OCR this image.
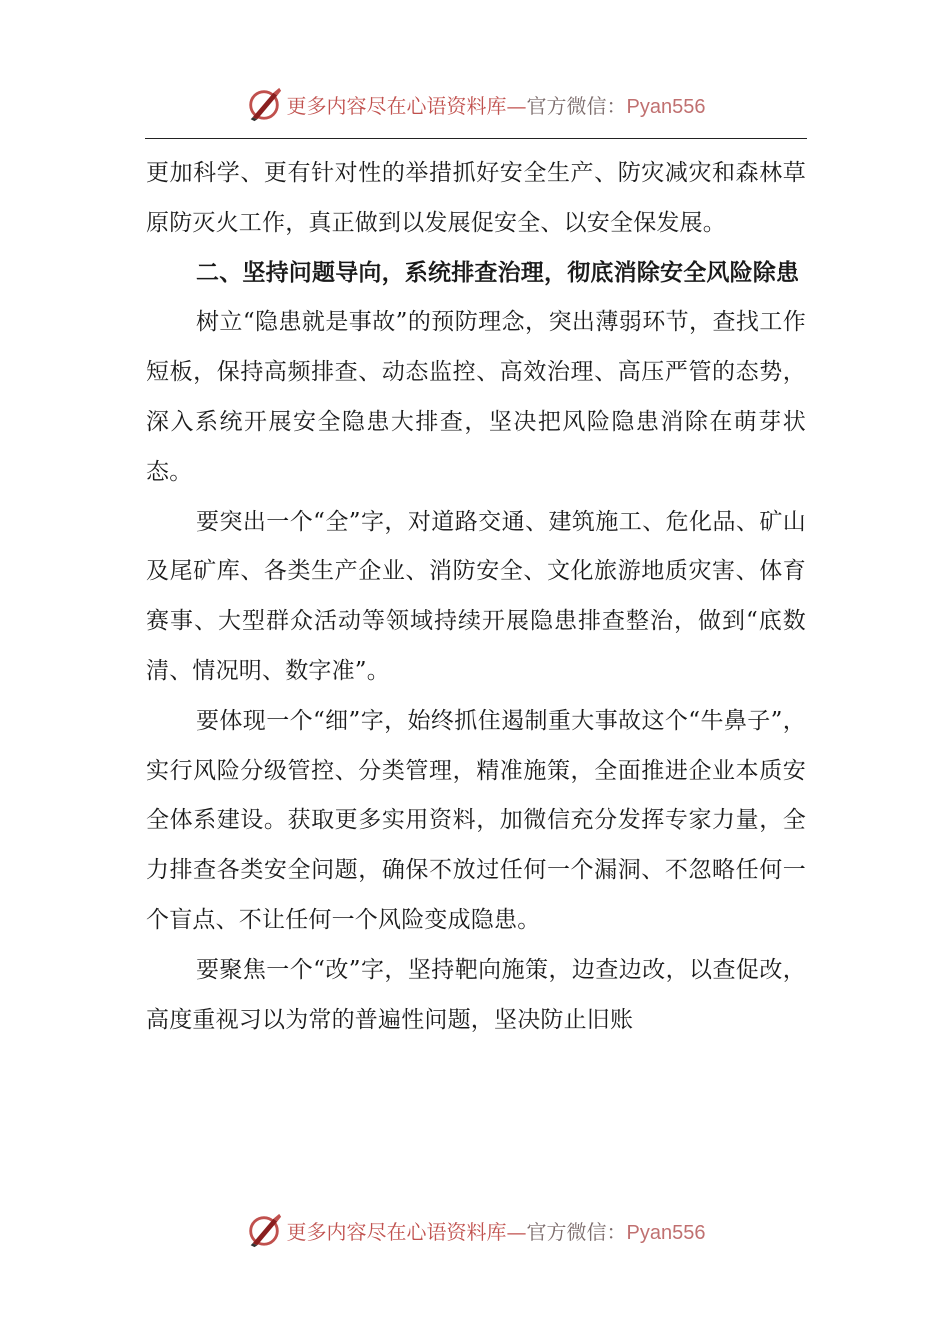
更多内容尽在心语资料库—官方微信：Pyan556

更加科学、更有针对性的举措抓好安全生产、防灾减灾和森林草原防灭火工作，真正做到以发展促安全、以安全保发展。

二、坚持问题导向，系统排查治理，彻底消除安全风险除患

树立“隐患就是事故”的预防理念，突出薄弱环节，查找工作短板，保持高频排查、动态监控、高效治理、高压严管的态势，深入系统开展安全隐患大排查，坚决把风险隐患消除在萌芽状态。

要突出一个“全”字，对道路交通、建筑施工、危化品、矿山及尾矿库、各类生产企业、消防安全、文化旅游地质灾害、体育赛事、大型群众活动等领域持续开展隐患排查整治，做到“底数清、情况明、数字准”。

要体现一个“细”字，始终抓住遏制重大事故这个“牛鼻子”，实行风险分级管控、分类管理，精准施策，全面推进企业本质安全体系建设。获取更多实用资料，加微信充分发挥专家力量，全力排查各类安全问题，确保不放过任何一个漏洞、不忽略任何一个盲点、不让任何一个风险变成隐患。

要聚焦一个“改”字，坚持靶向施策，边查边改，以查促改，高度重视习以为常的普遍性问题，坚决防止旧账

更多内容尽在心语资料库—官方微信：Pyan556
